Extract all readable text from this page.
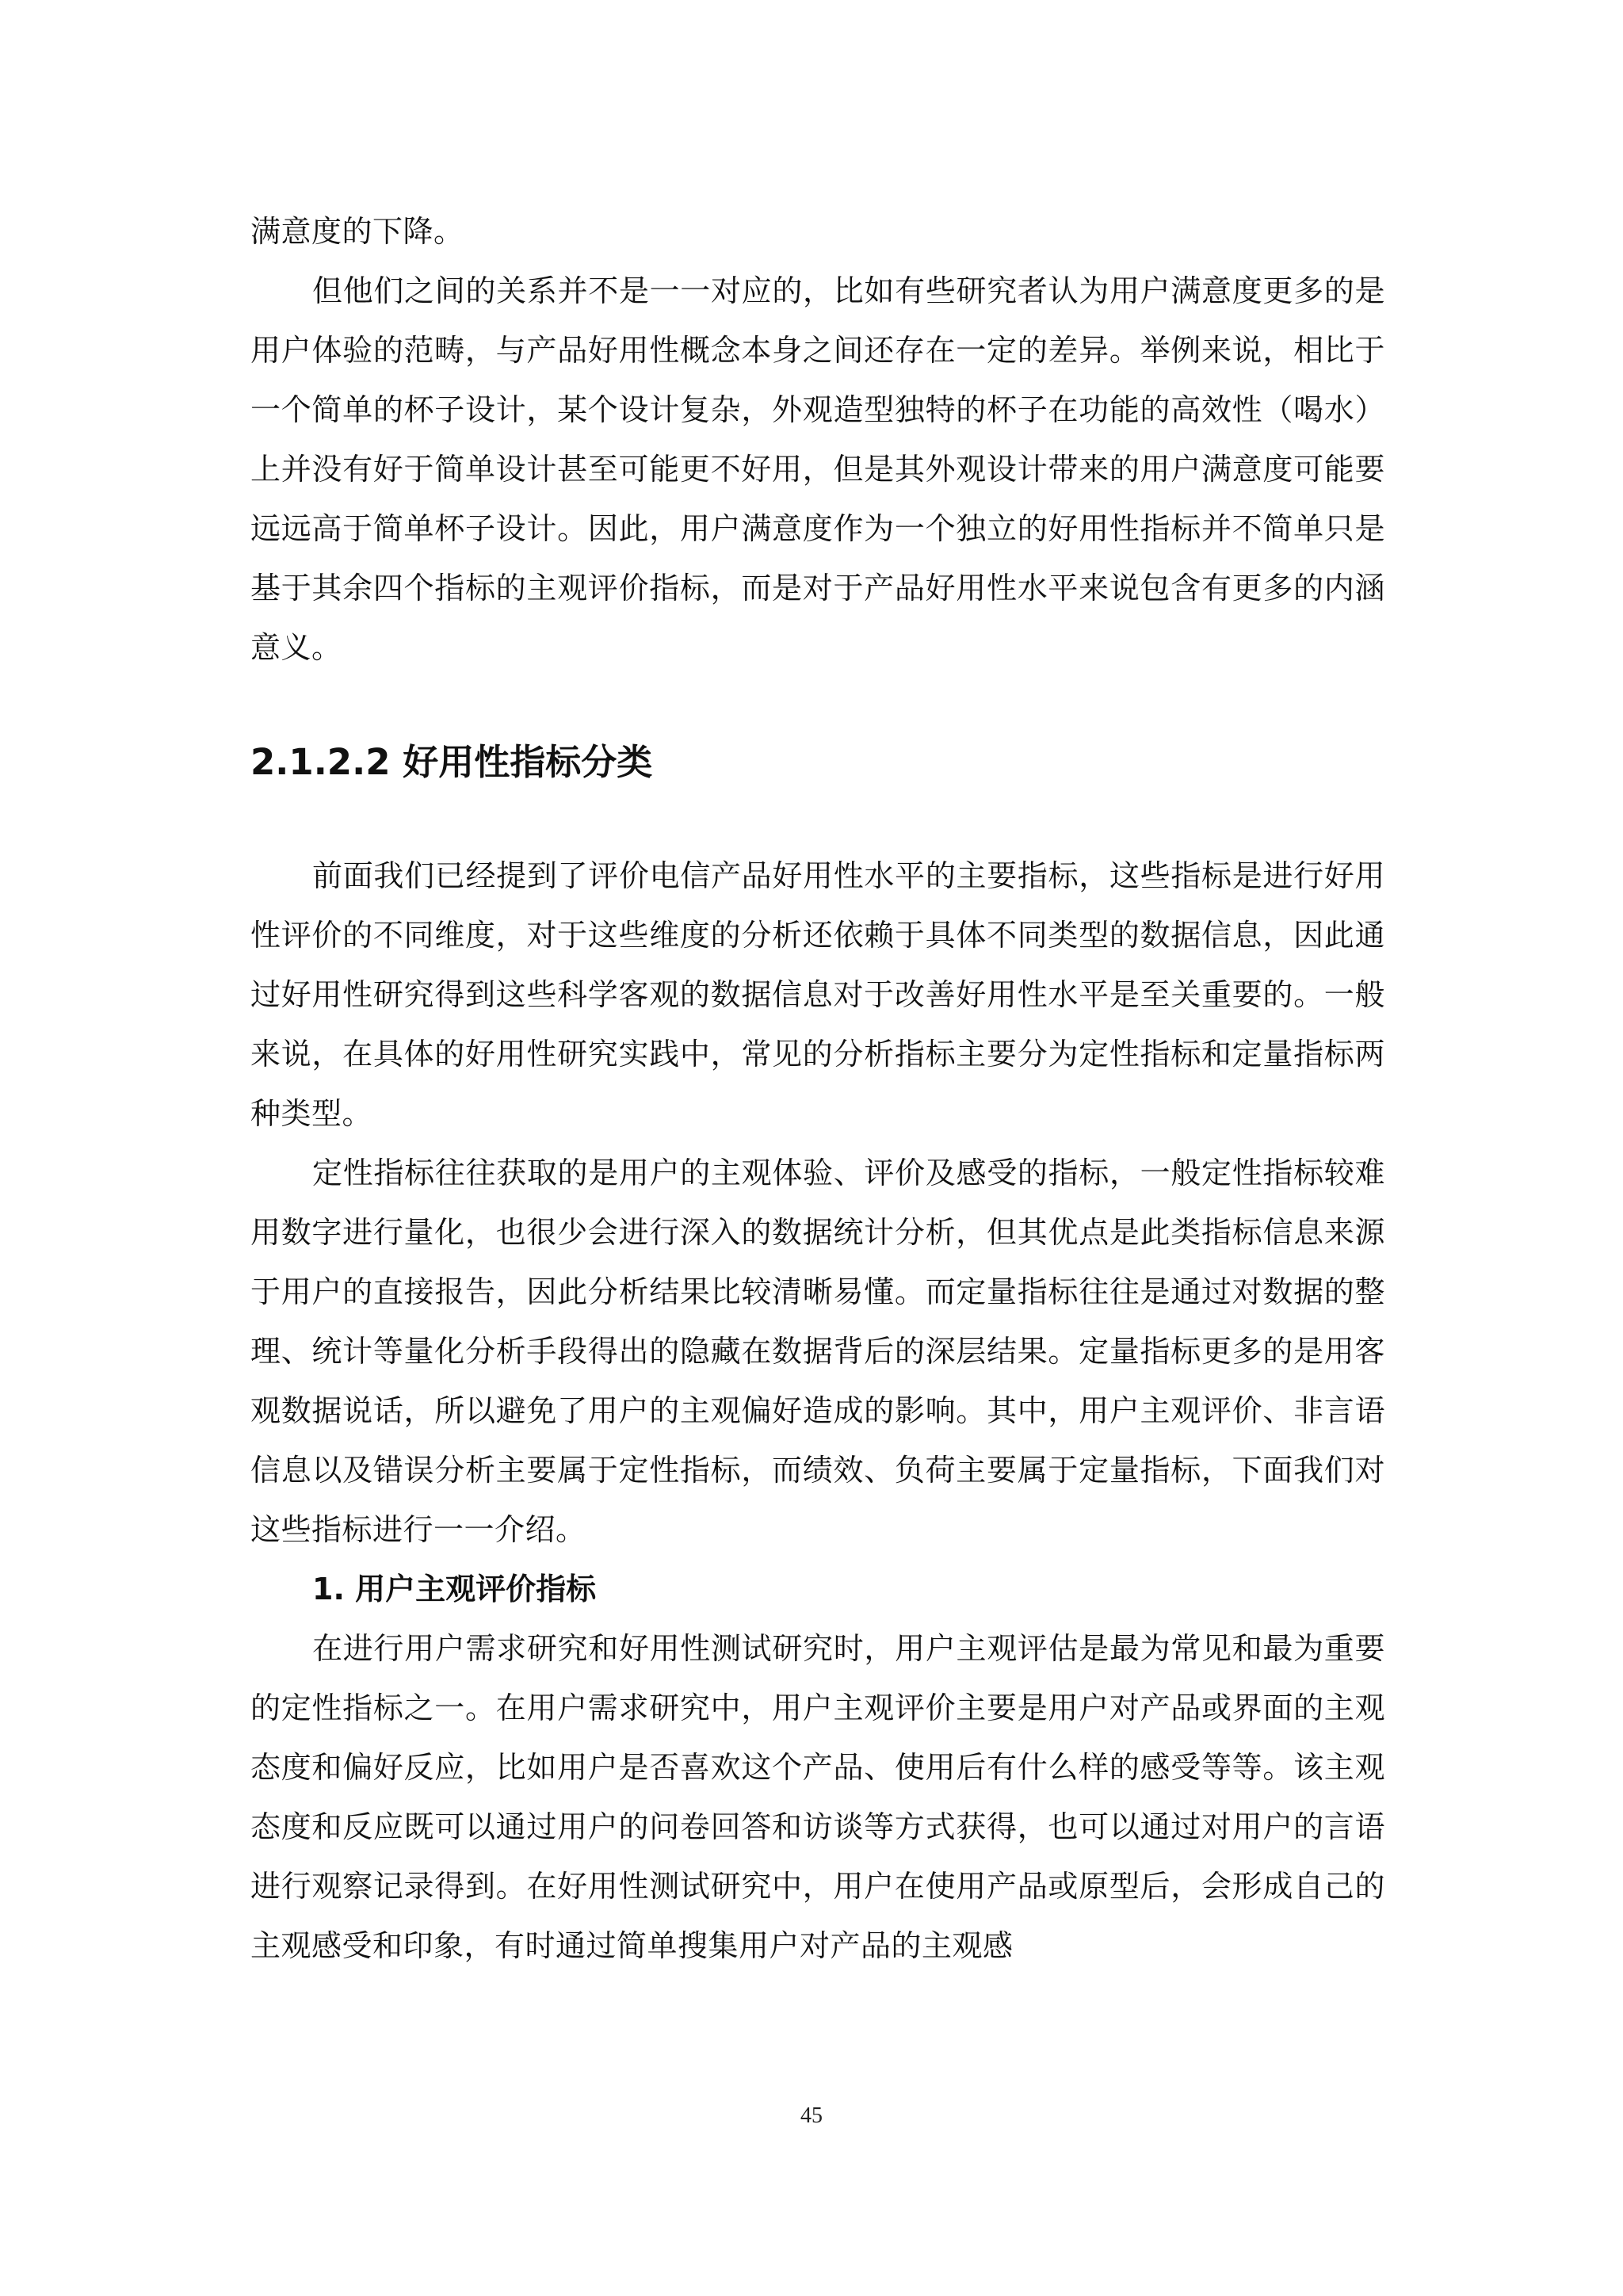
满意度的下降。

但他们之间的关系并不是一一对应的，比如有些研究者认为用户满意度更多的是用户体验的范畴，与产品好用性概念本身之间还存在一定的差异。举例来说，相比于一个简单的杯子设计，某个设计复杂，外观造型独特的杯子在功能的高效性（喝水）上并没有好于简单设计甚至可能更不好用，但是其外观设计带来的用户满意度可能要远远高于简单杯子设计。因此，用户满意度作为一个独立的好用性指标并不简单只是基于其余四个指标的主观评价指标，而是对于产品好用性水平来说包含有更多的内涵意义。

2.1.2.2 好用性指标分类

前面我们已经提到了评价电信产品好用性水平的主要指标，这些指标是进行好用性评价的不同维度，对于这些维度的分析还依赖于具体不同类型的数据信息，因此通过好用性研究得到这些科学客观的数据信息对于改善好用性水平是至关重要的。一般来说，在具体的好用性研究实践中，常见的分析指标主要分为定性指标和定量指标两种类型。

定性指标往往获取的是用户的主观体验、评价及感受的指标，一般定性指标较难用数字进行量化，也很少会进行深入的数据统计分析，但其优点是此类指标信息来源于用户的直接报告，因此分析结果比较清晰易懂。而定量指标往往是通过对数据的整理、统计等量化分析手段得出的隐藏在数据背后的深层结果。定量指标更多的是用客观数据说话，所以避免了用户的主观偏好造成的影响。其中，用户主观评价、非言语信息以及错误分析主要属于定性指标，而绩效、负荷主要属于定量指标，下面我们对这些指标进行一一介绍。

1. 用户主观评价指标

在进行用户需求研究和好用性测试研究时，用户主观评估是最为常见和最为重要的定性指标之一。在用户需求研究中，用户主观评价主要是用户对产品或界面的主观态度和偏好反应，比如用户是否喜欢这个产品、使用后有什么样的感受等等。该主观态度和反应既可以通过用户的问卷回答和访谈等方式获得，也可以通过对用户的言语进行观察记录得到。在好用性测试研究中，用户在使用产品或原型后，会形成自己的主观感受和印象，有时通过简单搜集用户对产品的主观感

45
